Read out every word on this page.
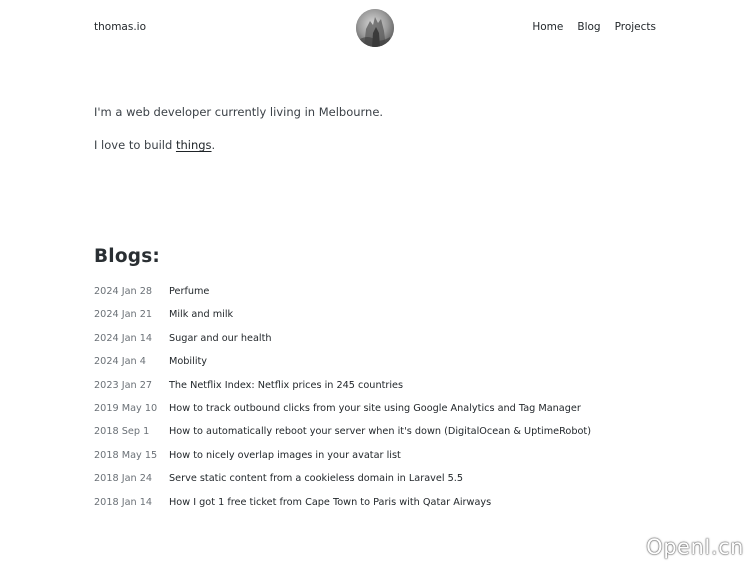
thomas.io	Home Blog Projects

I'm a web developer currently living in Melbourne.

I love to build things.

Blogs:
2024 Jan 28	Perfume
2024 Jan 21	Milk and milk
2024 Jan 14	Sugar and our health
2024 Jan 4	Mobility
2023 Jan 27	The Netflix Index: Netflix prices in 245 countries
2019 May 10	How to track outbound clicks from your site using Google Analytics and Tag Manager
2018 Sep 1	How to automatically reboot your server when it's down (DigitalOcean & UptimeRobot)
2018 May 15	How to nicely overlap images in your avatar list
2018 Jan 24	Serve static content from a cookieless domain in Laravel 5.5
2018 Jan 14	How I got 1 free ticket from Cape Town to Paris with Qatar Airways
OpenI.cn
